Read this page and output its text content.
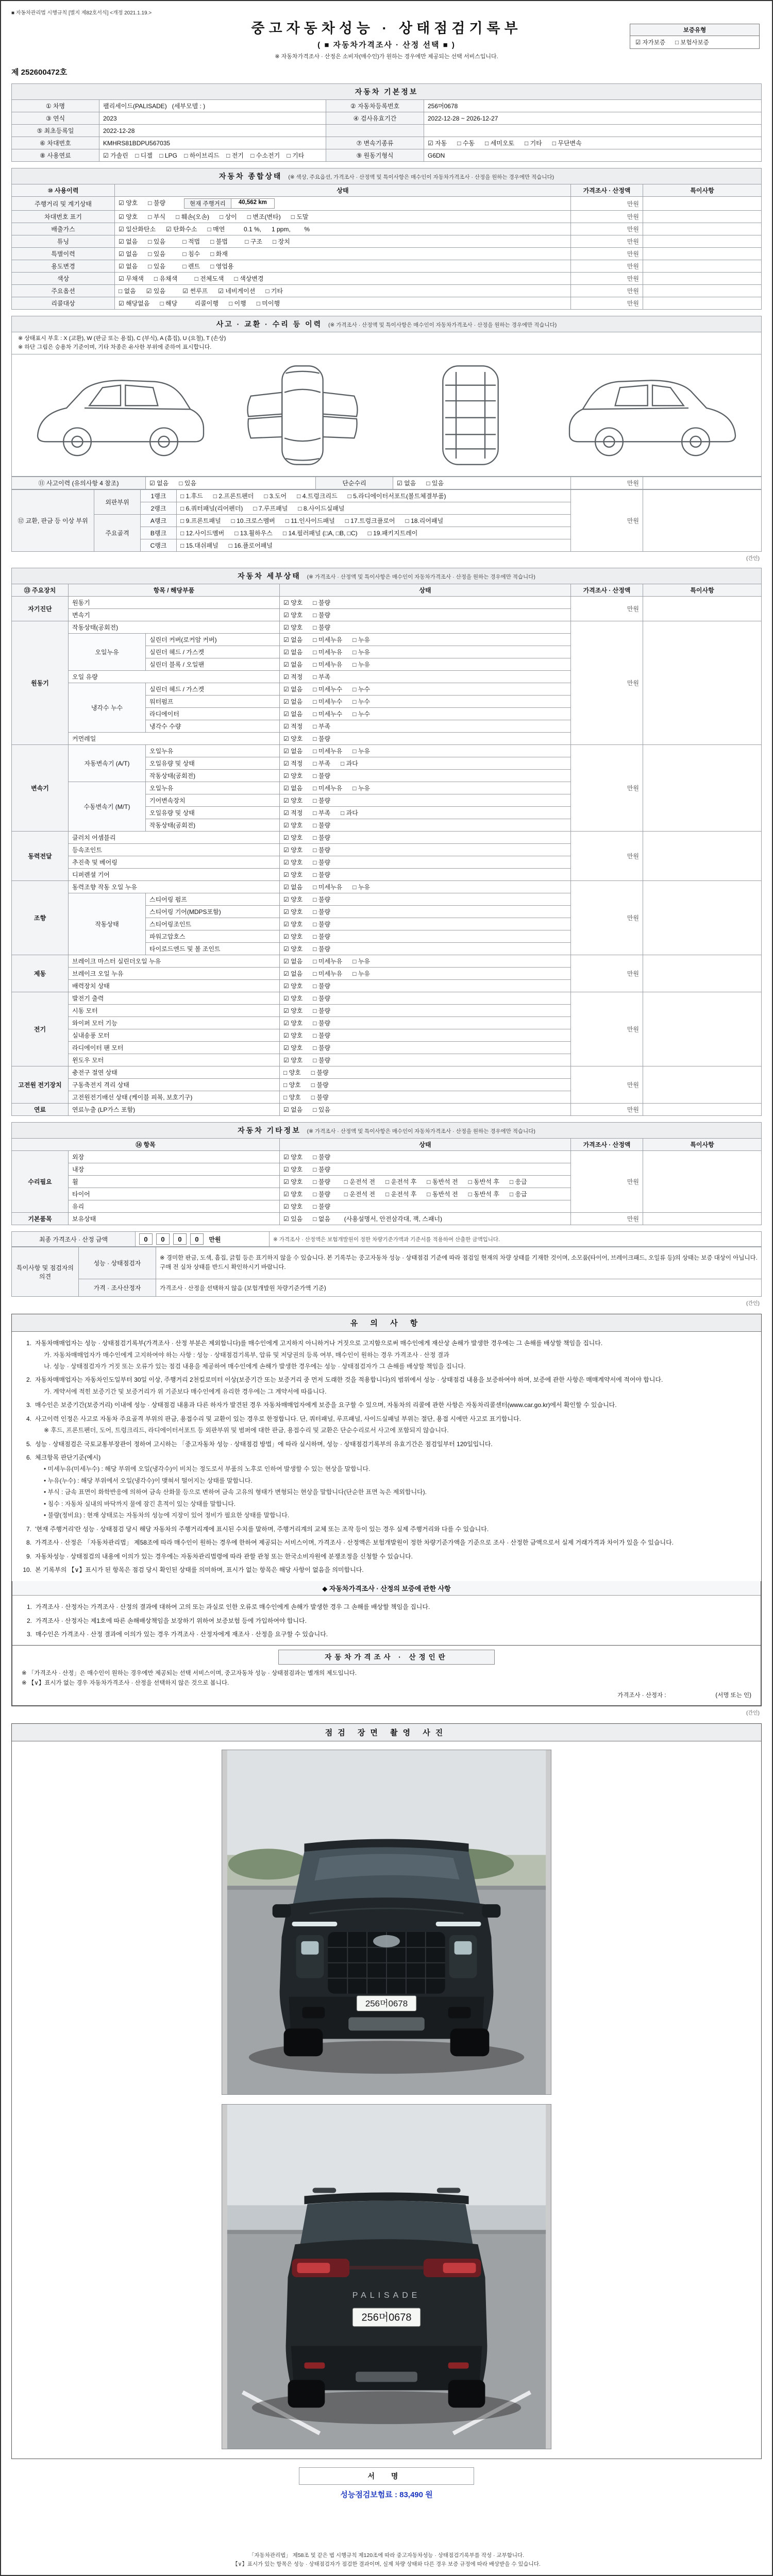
■ 자동차관리법 시행규칙 [별지 제82호서식] <개정 2021.1.19.>
중고자동차성능 · 상태점검기록부
( ■ 자동차가격조사 · 산정 선택 ■ )
※ 자동차가격조사 · 산정은 소비자(매수인)가 원하는 경우에만 제공되는 선택 서비스입니다.
보증유형
☑ 자가보증      □ 보험사보증
제 252600472호
자동차 기본정보
① 차명	팰리세이드(PALISADE)   (세부모델 : )	② 자동차등록번호	256머0678
③ 연식	2023	④ 검사유효기간	2022-12-28 ~ 2026-12-27
⑤ 최초등록일	2022-12-28		
⑥ 차대번호	KMHRS81BDPU567035	⑦ 변속기종류	☑ 자동      □ 수동      □ 세미오토      □ 기타      □ 무단변속
⑧ 사용연료	☑ 가솔린    □ 디젤    □ LPG    □ 하이브리드    □ 전기    □ 수소전기    □ 기타	⑨ 원동기형식	G6DN
자동차 종합상태 (※ 색상, 주요옵션, 가격조사 · 산정액 및 특이사항은 매수인이 자동차가격조사 · 산정을 원하는 경우에만 적습니다)
⑩ 사용이력	상태	가격조사 · 산정액	특이사항
주행거리 및 계기상태	☑ 양호      □ 불량 현재 주행거리 40,562 km	만원	
차대번호 표기	☑ 양호      □ 부식      □ 훼손(오손)      □ 상이      □ 변조(변타)      □ 도말	만원	
배출가스	☑ 일산화탄소      ☑ 탄화수소      □ 매연           0.1 %,      1 ppm,        %	만원	
튜닝	☑ 없음      □ 있음          □ 적법      □ 불법          □ 구조      □ 장치	만원	
특별이력	☑ 없음      □ 있음          □ 침수      □ 화재	만원	
용도변경	☑ 없음      □ 있음          □ 렌트      □ 영업용	만원	
색상	☑ 무채색      □ 유채색          □ 전체도색      □ 색상변경	만원	
주요옵션	□ 없음      ☑ 있음          ☑ 썬루프      ☑ 네비게이션      □ 기타	만원	
리콜대상	☑ 해당없음      □ 해당          리콜이행      □ 이행      □ 미이행	만원	
사고 · 교환 · 수리 등 이력 (※ 가격조사 · 산정액 및 특이사항은 매수인이 자동차가격조사 · 산정을 원하는 경우에만 적습니다)
※ 상태표시 부호 : X (교환), W (판금 또는 용접), C (부식), A (흠집), U (요철), T (손상)
※ 하단 그림은 승용차 기준이며, 기타 차종은 유사한 부위에 준하여 표시합니다.
⑪ 사고이력 (유의사항 4 참조)	☑ 없음      □ 있음	단순수리	☑ 없음      □ 있음	만원	
⑫ 교환, 판금 등 이상 부위	외판부위	1랭크	□ 1.후드      □ 2.프론트펜더      □ 3.도어      □ 4.트렁크리드      □ 5.라디에이터서포트(볼트체결부품)	만원	
		2랭크	□ 6.쿼터패널(리어펜더)      □ 7.루프패널      □ 8.사이드실패널		
	주요골격	A랭크	□ 9.프론트패널      □ 10.크로스멤버      □ 11.인사이드패널      □ 17.트렁크플로어      □ 18.리어패널		
		B랭크	□ 12.사이드멤버      □ 13.휠하우스      □ 14.필러패널 (□A, □B, □C)      □ 19.패키지트레이		
		C랭크	□ 15.대쉬패널      □ 16.플로어패널		
(간인)
자동차 세부상태 (※ 가격조사 · 산정액 및 특이사항은 매수인이 자동차가격조사 · 산정을 원하는 경우에만 적습니다)
⑬ 주요장치	항목 / 해당부품		상태	가격조사 · 산정액	특이사항
자기진단	원동기		☑ 양호      □ 불량	만원	
	변속기		☑ 양호      □ 불량		
원동기	작동상태(공회전)		☑ 양호      □ 불량	만원	
	오일누유	실린더 커버(로커암 커버)	☑ 없음      □ 미세누유      □ 누유		
		실린더 헤드 / 가스켓	☑ 없음      □ 미세누유      □ 누유		
		실린더 블록 / 오일팬	☑ 없음      □ 미세누유      □ 누유		
	오일 유량		☑ 적정      □ 부족		
	냉각수 누수	실린더 헤드 / 가스켓	☑ 없음      □ 미세누수      □ 누수		
		워터펌프	☑ 없음      □ 미세누수      □ 누수		
		라디에이터	☑ 없음      □ 미세누수      □ 누수		
		냉각수 수량	☑ 적정      □ 부족		
	커먼레일		☑ 양호      □ 불량		
변속기	자동변속기 (A/T)	오일누유	☑ 없음      □ 미세누유      □ 누유	만원	
		오일유량 및 상태	☑ 적정      □ 부족      □ 과다		
		작동상태(공회전)	☑ 양호      □ 불량		
	수동변속기 (M/T)	오일누유	☑ 없음      □ 미세누유      □ 누유		
		기어변속장치	☑ 양호      □ 불량		
		오일유량 및 상태	☑ 적정      □ 부족      □ 과다		
		작동상태(공회전)	☑ 양호      □ 불량		
동력전달	클러치 어셈블리		☑ 양호      □ 불량	만원	
	등속조인트		☑ 양호      □ 불량		
	추진축 및 베어링		☑ 양호      □ 불량		
	디퍼렌셜 기어		☑ 양호      □ 불량		
조향	동력조향 작동 오일 누유		☑ 없음      □ 미세누유      □ 누유	만원	
	작동상태	스티어링 펌프	☑ 양호      □ 불량		
		스티어링 기어(MDPS포함)	☑ 양호      □ 불량		
		스티어링조인트	☑ 양호      □ 불량		
		파워고압호스	☑ 양호      □ 불량		
		타이로드엔드 및 볼 조인트	☑ 양호      □ 불량		
제동	브레이크 마스터 실린더오일 누유		☑ 없음      □ 미세누유      □ 누유	만원	
	브레이크 오일 누유		☑ 없음      □ 미세누유      □ 누유		
	배력장치 상태		☑ 양호      □ 불량		
전기	발전기 출력		☑ 양호      □ 불량	만원	
	시동 모터		☑ 양호      □ 불량		
	와이퍼 모터 기능		☑ 양호      □ 불량		
	실내송풍 모터		☑ 양호      □ 불량		
	라디에이터 팬 모터		☑ 양호      □ 불량		
	윈도우 모터		☑ 양호      □ 불량		
고전원 전기장치	충전구 절연 상태		□ 양호      □ 불량	만원	
	구동축전지 격리 상태		□ 양호      □ 불량		
	고전원전기배선 상태 (케이블 피복, 보호기구)		□ 양호      □ 불량		
연료	연료누출 (LP가스 포함)		☑ 없음      □ 있음	만원	
자동차 기타정보 (※ 가격조사 · 산정액 및 특이사항은 매수인이 자동차가격조사 · 산정을 원하는 경우에만 적습니다)
⑭ 항목		상태	가격조사 · 산정액	특이사항
수리필요	외장	☑ 양호      □ 불량	만원	
	내장	☑ 양호      □ 불량		
	휠	☑ 양호      □ 불량        □ 운전석 전      □ 운전석 후      □ 동반석 전      □ 동반석 후      □ 응급		
	타이어	☑ 양호      □ 불량        □ 운전석 전      □ 운전석 후      □ 동반석 전      □ 동반석 후      □ 응급		
	유리	☑ 양호      □ 불량		
기본품목	보유상태	☑ 있음      □ 없음        (사용설명서, 안전삼각대, 잭, 스패너)	만원	
최종 가격조사 · 산정 금액	0 0 0 0 만원	※ 가격조사 · 산정액은 보험개발원이 정한 차량기준가액과 기준서를 적용하여 산출한 금액입니다.
특이사항 및 점검자의 의견	성능 · 상태점검자	※ 경미한 판금, 도색, 흠집, 긁힘 등은 표기하지 않을 수 있습니다. 본 기록부는 중고자동차 성능 · 상태점검 기준에 따라 점검일 현재의 차량 상태를 기재한 것이며, 소모품(타이어, 브레이크패드, 오일류 등)의 상태는 보증 대상이 아닙니다. 구매 전 실차 상태를 반드시 확인하시기 바랍니다.
	가격 · 조사산정자	가격조사 · 산정을 선택하지 않음 (보험개발원 차량기준가액 기준)
(간인)
유 의 사 항
1. 자동차매매업자는 성능 · 상태점검기록부(가격조사 · 산정 부분은 제외합니다)를 매수인에게 고지하지 아니하거나 거짓으로 고지함으로써 매수인에게 재산상 손해가 발생한 경우에는 그 손해를 배상할 책임을 집니다.
가. 자동차매매업자가 매수인에게 고지하여야 하는 사항 : 성능 · 상태점검기록부, 압류 및 저당권의 등록 여부, 매수인이 원하는 경우 가격조사 · 산정 결과
나. 성능 · 상태점검자가 거짓 또는 오류가 있는 점검 내용을 제공하여 매수인에게 손해가 발생한 경우에는 성능 · 상태점검자가 그 손해를 배상할 책임을 집니다.
2. 자동차매매업자는 자동차인도일부터 30일 이상, 주행거리 2천킬로미터 이상(보증기간 또는 보증거리 중 먼저 도래한 것을 적용합니다)의 범위에서 성능 · 상태점검 내용을 보증하여야 하며, 보증에 관한 사항은 매매계약서에 적어야 합니다.
가. 계약서에 적힌 보증기간 및 보증거리가 위 기준보다 매수인에게 유리한 경우에는 그 계약서에 따릅니다.
3. 매수인은 보증기간(보증거리) 이내에 성능 · 상태점검 내용과 다른 하자가 발견된 경우 자동차매매업자에게 보증을 요구할 수 있으며, 자동차의 리콜에 관한 사항은 자동차리콜센터(www.car.go.kr)에서 확인할 수 있습니다.
4. 사고이력 인정은 사고로 자동차 주요골격 부위의 판금, 용접수리 및 교환이 있는 경우로 한정합니다. 단, 쿼터패널, 루프패널, 사이드실패널 부위는 절단, 용접 시에만 사고로 표기합니다.
※ 후드, 프론트펜더, 도어, 트렁크리드, 라디에이터서포트 등 외판부위 및 범퍼에 대한 판금, 용접수리 및 교환은 단순수리로서 사고에 포함되지 않습니다.
5. 성능 · 상태점검은 국토교통부장관이 정하여 고시하는 「중고자동차 성능 · 상태점검 방법」에 따라 실시하며, 성능 · 상태점검기록부의 유효기간은 점검일부터 120일입니다.
6. 체크항목 판단기준(예시)
• 미세누유(미세누수) : 해당 부위에 오일(냉각수)이 비치는 정도로서 부품의 노후로 인하여 발생할 수 있는 현상을 말합니다.
• 누유(누수) : 해당 부위에서 오일(냉각수)이 맺혀서 떨어지는 상태를 말합니다.
• 부식 : 금속 표면이 화학반응에 의하여 금속 산화물 등으로 변하여 금속 고유의 형태가 변형되는 현상을 말합니다(단순한 표면 녹은 제외합니다).
• 침수 : 자동차 실내의 바닥까지 물에 잠긴 흔적이 있는 상태를 말합니다.
• 불량(정비요) : 현재 상태로는 자동차의 성능에 지장이 있어 정비가 필요한 상태를 말합니다.
7. '현재 주행거리'란 성능 · 상태점검 당시 해당 자동차의 주행거리계에 표시된 수치를 말하며, 주행거리계의 교체 또는 조작 등이 있는 경우 실제 주행거리와 다를 수 있습니다.
8. 가격조사 · 산정은 「자동차관리법」 제58조에 따라 매수인이 원하는 경우에 한하여 제공되는 서비스이며, 가격조사 · 산정액은 보험개발원이 정한 차량기준가액을 기준으로 조사 · 산정한 금액으로서 실제 거래가격과 차이가 있을 수 있습니다.
9. 자동차성능 · 상태점검의 내용에 이의가 있는 경우에는 자동차관리법령에 따라 관할 관청 또는 한국소비자원에 분쟁조정을 신청할 수 있습니다.
10. 본 기록부의 【∨】표시가 된 항목은 점검 당시 확인된 상태를 의미하며, 표시가 없는 항목은 해당 사항이 없음을 의미합니다.
◆ 자동차가격조사 · 산정의 보증에 관한 사항
1. 가격조사 · 산정자는 가격조사 · 산정의 결과에 대하여 고의 또는 과실로 인한 오류로 매수인에게 손해가 발생한 경우 그 손해를 배상할 책임을 집니다.
2. 가격조사 · 산정자는 제1호에 따른 손해배상책임을 보장하기 위하여 보증보험 등에 가입하여야 합니다.
3. 매수인은 가격조사 · 산정 결과에 이의가 있는 경우 가격조사 · 산정자에게 재조사 · 산정을 요구할 수 있습니다.
자동차가격조사 · 산정인란
※ 「가격조사 · 산정」은 매수인이 원하는 경우에만 제공되는 선택 서비스이며, 중고자동차 성능 · 상태점검과는 별개의 제도입니다.
※ 【∨】표시가 없는 경우 자동차가격조사 · 산정을 선택하지 않은 것으로 봅니다.
가격조사 · 산정자 :                              (서명 또는 인)
(간인)
점검 장면 촬영 사진
256머0678
PALISADE
256머0678
서 명
성능점검보험료 : 83,490 원
「자동차관리법」 제58조 및 같은 법 시행규칙 제120조에 따라 중고자동차성능 · 상태점검기록부를 작성 · 교부합니다.
【∨】표시가 있는 항목은 성능 · 상태점검자가 점검한 결과이며, 실제 차량 상태와 다른 경우 보증 규정에 따라 배상받을 수 있습니다.
